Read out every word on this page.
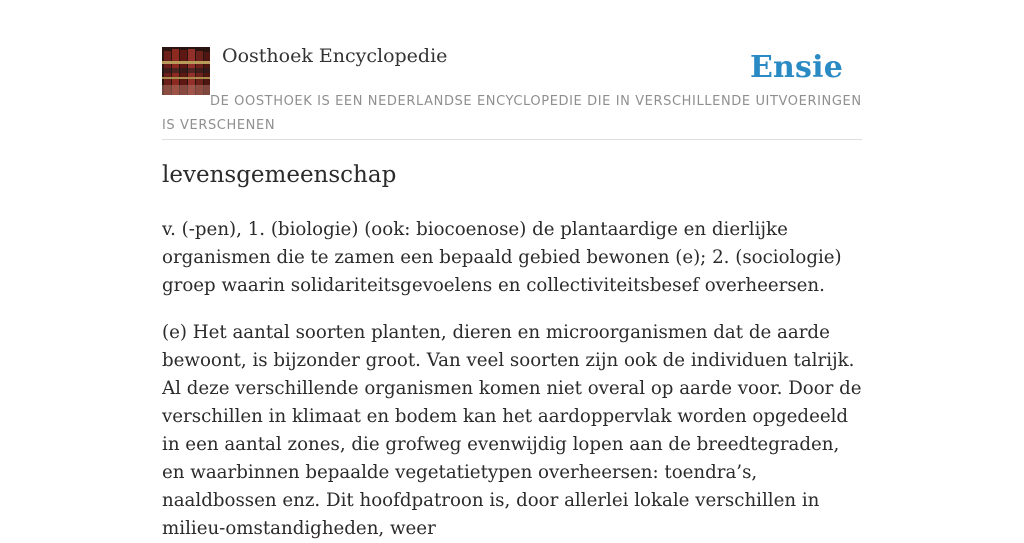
Oosthoek Encyclopedie	Ensie
DE OOSTHOEK IS EEN NEDERLANDSE ENCYCLOPEDIE DIE IN VERSCHILLENDE UITVOERINGEN IS VERSCHENEN
levensgemeenschap

v. (-pen), 1. (biologie) (ook: biocoenose) de plantaardige en dierlijke organismen die te zamen een bepaald gebied bewonen (e); 2. (sociologie) groep waarin solidariteitsgevoelens en collectiviteitsbesef overheersen.

(e) Het aantal soorten planten, dieren en microorganismen dat de aarde bewoont, is bijzonder groot. Van veel soorten zijn ook de individuen talrijk. Al deze verschillende organismen komen niet overal op aarde voor. Door de verschillen in klimaat en bodem kan het aardoppervlak worden opgedeeld in een aantal zones, die grofweg evenwijdig lopen aan de breedtegraden, en waarbinnen bepaalde vegetatietypen overheersen: toendra’s, naaldbossen enz. Dit hoofdpatroon is, door allerlei lokale verschillen in milieu-omstandigheden, weer
